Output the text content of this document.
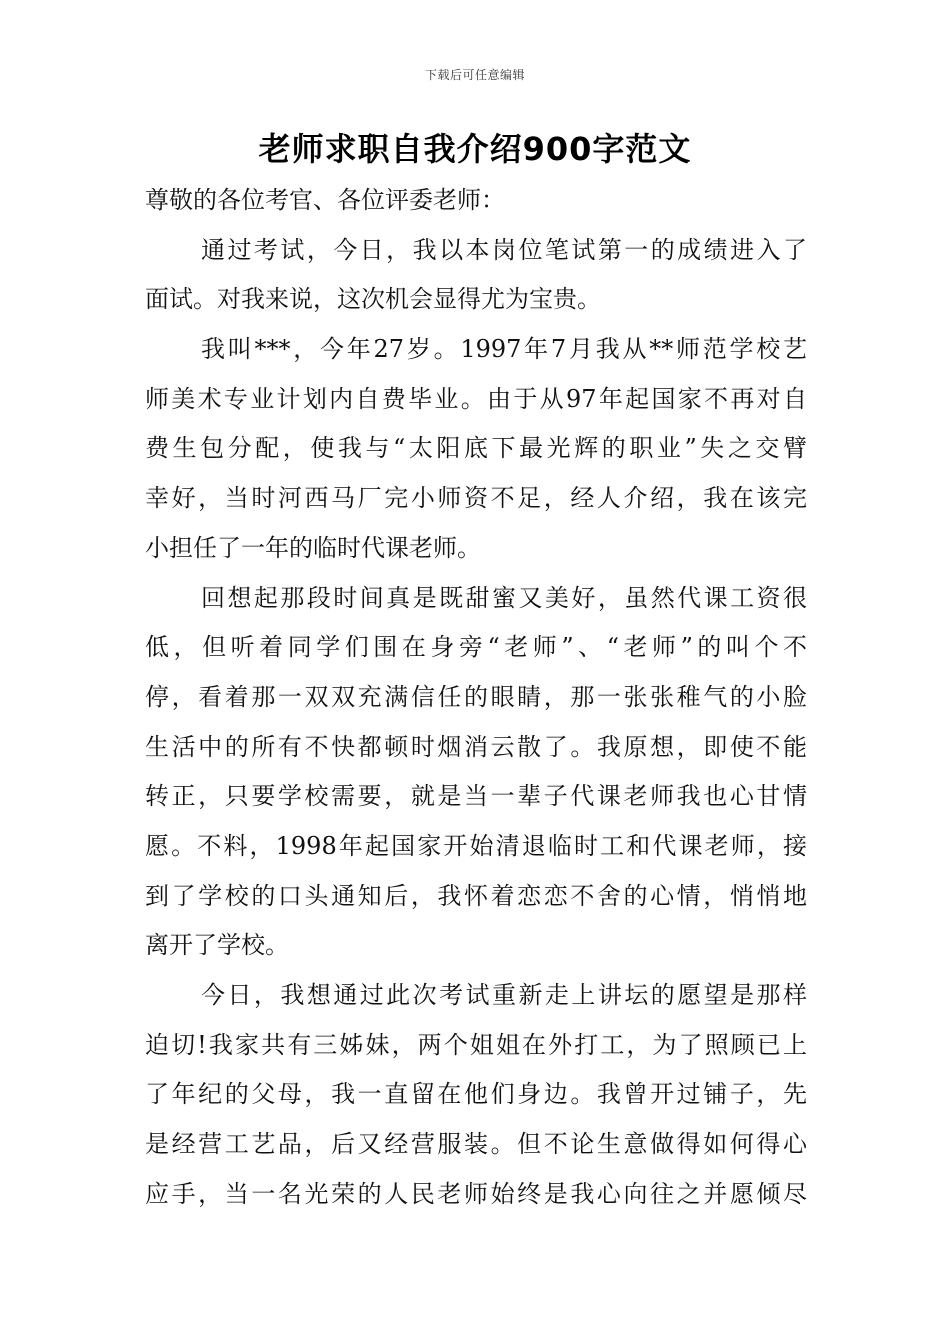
下载后可任意编辑
老师求职自我介绍900字范文
尊敬的各位考官、各位评委老师：
通过考试，今日，我以本岗位笔试第一的成绩进入了
面试。对我来说，这次机会显得尤为宝贵。
我叫***，今年27岁。1997年7月我从**师范学校艺
师美术专业计划内自费毕业。由于从97年起国家不再对自
费生包分配，使我与“太阳底下最光辉的职业”失之交臂
幸好，当时河西马厂完小师资不足，经人介绍，我在该完
小担任了一年的临时代课老师。
回想起那段时间真是既甜蜜又美好，虽然代课工资很
低，但听着同学们围在身旁“老师”、“老师”的叫个不
停，看着那一双双充满信任的眼睛，那一张张稚气的小脸
生活中的所有不快都顿时烟消云散了。我原想，即使不能
转正，只要学校需要，就是当一辈子代课老师我也心甘情
愿。不料，1998年起国家开始清退临时工和代课老师，接
到了学校的口头通知后，我怀着恋恋不舍的心情，悄悄地
离开了学校。
今日，我想通过此次考试重新走上讲坛的愿望是那样
迫切!我家共有三姊妹，两个姐姐在外打工，为了照顾已上
了年纪的父母，我一直留在他们身边。我曾开过铺子，先
是经营工艺品，后又经营服装。但不论生意做得如何得心
应手，当一名光荣的人民老师始终是我心向往之并愿倾尽
